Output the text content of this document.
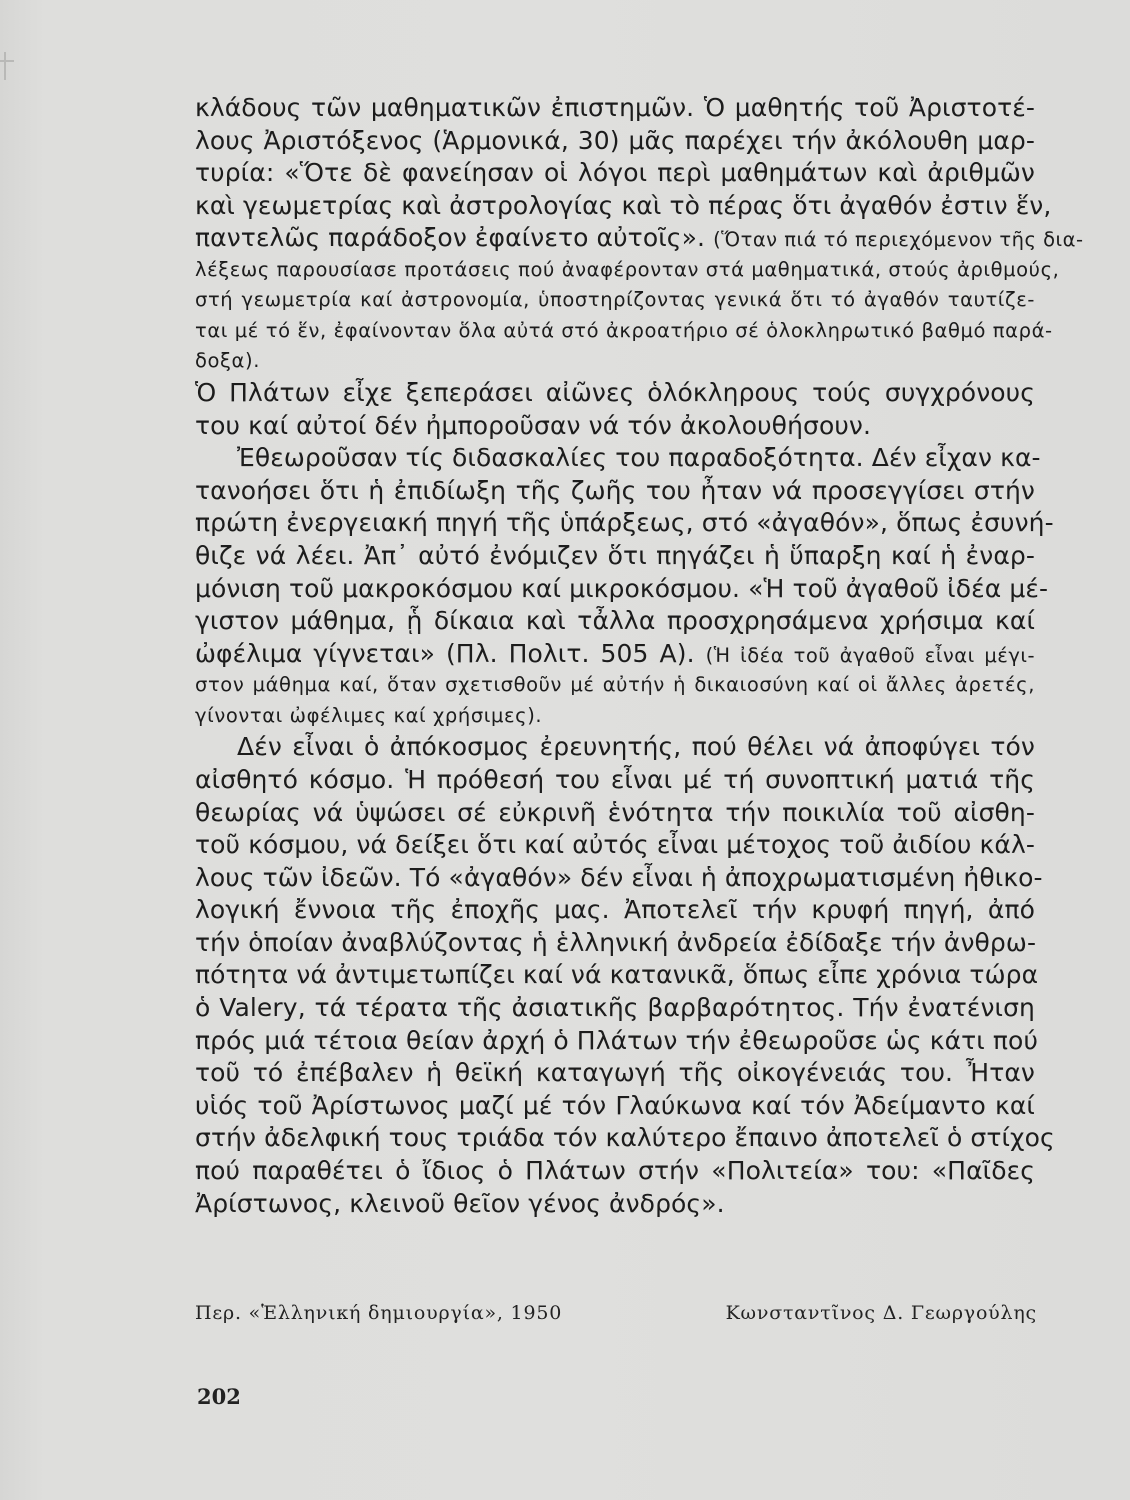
κλάδους τῶν μαθηματικῶν ἐπιστημῶν. Ὁ μαθητής τοῦ Ἀριστοτέ-
λους Ἀριστόξενος (Ἁρμονικά, 30) μᾶς παρέχει τήν ἀκόλουθη μαρ-
τυρία: «Ὅτε δὲ φανείησαν οἱ λόγοι περὶ μαθημάτων καὶ ἀριθμῶν
καὶ γεωμετρίας καὶ ἀστρολογίας καὶ τὸ πέρας ὅτι ἀγαθόν ἐστιν ἕν,
παντελῶς παράδοξον ἐφαίνετο αὐτοῖς». (Ὅταν πιά τό περιεχόμενον τῆς δια-
λέξεως παρουσίασε προτάσεις πού ἀναφέρονταν στά μαθηματικά, στούς ἀριθμούς,
στή γεωμετρία καί ἀστρονομία, ὑποστηρίζοντας γενικά ὅτι τό ἀγαθόν ταυτίζε-
ται μέ τό ἕν, ἐφαίνονταν ὅλα αὐτά στό ἀκροατήριο σέ ὁλοκληρωτικό βαθμό παρά-
δοξα).
Ὁ Πλάτων εἶχε ξεπεράσει αἰῶνες ὁλόκληρους τούς συγχρόνους
του καί αὐτοί δέν ἠμποροῦσαν νά τόν ἀκολουθήσουν.
Ἐθεωροῦσαν τίς διδασκαλίες του παραδοξότητα. Δέν εἶχαν κα-
τανοήσει ὅτι ἡ ἐπιδίωξη τῆς ζωῆς του ἦταν νά προσεγγίσει στήν
πρώτη ἐνεργειακή πηγή τῆς ὑπάρξεως, στό «ἀγαθόν», ὅπως ἐσυνή-
θιζε νά λέει. Ἀπ᾽ αὐτό ἐνόμιζεν ὅτι πηγάζει ἡ ὕπαρξη καί ἡ ἐναρ-
μόνιση τοῦ μακροκόσμου καί μικροκόσμου. «Ἡ τοῦ ἀγαθοῦ ἰδέα μέ-
γιστον μάθημα, ᾗ δίκαια καὶ τἆλλα προσχρησάμενα χρήσιμα καί
ὠφέλιμα γίγνεται» (Πλ. Πολιτ. 505 Α). (Ἡ ἰδέα τοῦ ἀγαθοῦ εἶναι μέγι-
στον μάθημα καί, ὅταν σχετισθοῦν μέ αὐτήν ἡ δικαιοσύνη καί οἱ ἄλλες ἀρετές,
γίνονται ὠφέλιμες καί χρήσιμες).
Δέν εἶναι ὁ ἀπόκοσμος ἐρευνητής, πού θέλει νά ἀποφύγει τόν
αἰσθητό κόσμο. Ἡ πρόθεσή του εἶναι μέ τή συνοπτική ματιά τῆς
θεωρίας νά ὑψώσει σέ εὐκρινῆ ἑνότητα τήν ποικιλία τοῦ αἰσθη-
τοῦ κόσμου, νά δείξει ὅτι καί αὐτός εἶναι μέτοχος τοῦ ἀιδίου κάλ-
λους τῶν ἰδεῶν. Τό «ἀγαθόν» δέν εἶναι ἡ ἀποχρωματισμένη ἠθικο-
λογική ἔννοια τῆς ἐποχῆς μας. Ἀποτελεῖ τήν κρυφή πηγή, ἀπό
τήν ὁποίαν ἀναβλύζοντας ἡ ἑλληνική ἀνδρεία ἐδίδαξε τήν ἀνθρω-
πότητα νά ἀντιμετωπίζει καί νά κατανικᾶ, ὅπως εἶπε χρόνια τώρα
ὁ Valery, τά τέρατα τῆς ἀσιατικῆς βαρβαρότητος. Τήν ἐνατένιση
πρός μιά τέτοια θείαν ἀρχή ὁ Πλάτων τήν ἐθεωροῦσε ὡς κάτι πού
τοῦ τό ἐπέβαλεν ἡ θεϊκή καταγωγή τῆς οἰκογένειάς του. Ἦταν
υἱός τοῦ Ἀρίστωνος μαζί μέ τόν Γλαύκωνα καί τόν Ἀδείμαντο καί
στήν ἀδελφική τους τριάδα τόν καλύτερο ἔπαινο ἀποτελεῖ ὁ στίχος
πού παραθέτει ὁ ἴδιος ὁ Πλάτων στήν «Πολιτεία» του: «Παῖδες
Ἀρίστωνος, κλεινοῦ θεῖον γένος ἀνδρός».
Περ. «Ἑλληνική δημιουργία», 1950	Κωνσταντῖνος Δ. Γεωργούλης
202
